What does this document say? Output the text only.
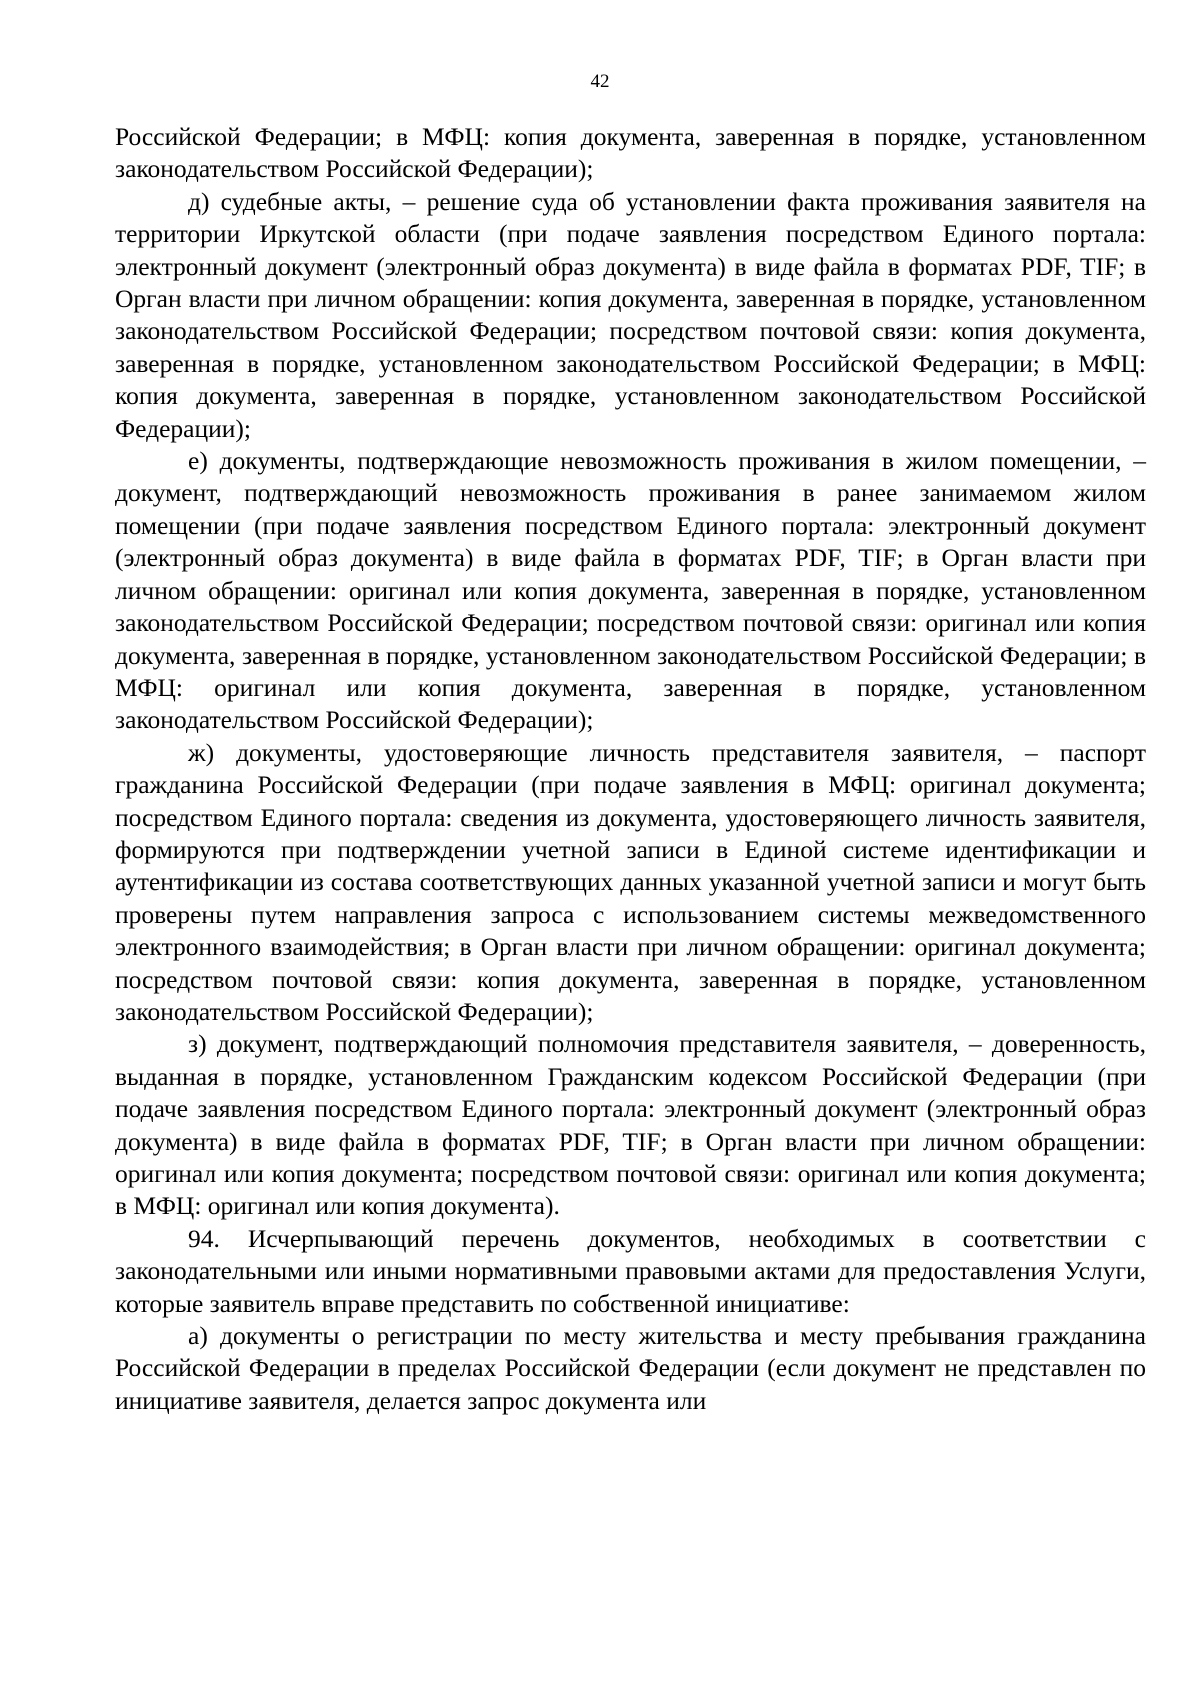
42

Российской Федерации; в МФЦ: копия документа, заверенная в порядке, установленном законодательством Российской Федерации);

д) судебные акты, – решение суда об установлении факта проживания заявителя на территории Иркутской области (при подаче заявления посредством Единого портала: электронный документ (электронный образ документа) в виде файла в форматах PDF, TIF; в Орган власти при личном обращении: копия документа, заверенная в порядке, установленном законодательством Российской Федерации; посредством почтовой связи: копия документа, заверенная в порядке, установленном законодательством Российской Федерации; в МФЦ: копия документа, заверенная в порядке, установленном законодательством Российской Федерации);

е) документы, подтверждающие невозможность проживания в жилом помещении, – документ, подтверждающий невозможность проживания в ранее занимаемом жилом помещении (при подаче заявления посредством Единого портала: электронный документ (электронный образ документа) в виде файла в форматах PDF, TIF; в Орган власти при личном обращении: оригинал или копия документа, заверенная в порядке, установленном законодательством Российской Федерации; посредством почтовой связи: оригинал или копия документа, заверенная в порядке, установленном законодательством Российской Федерации; в МФЦ: оригинал или копия документа, заверенная в порядке, установленном законодательством Российской Федерации);

ж) документы, удостоверяющие личность представителя заявителя, – паспорт гражданина Российской Федерации (при подаче заявления в МФЦ: оригинал документа; посредством Единого портала: сведения из документа, удостоверяющего личность заявителя, формируются при подтверждении учетной записи в Единой системе идентификации и аутентификации из состава соответствующих данных указанной учетной записи и могут быть проверены путем направления запроса с использованием системы межведомственного электронного взаимодействия; в Орган власти при личном обращении: оригинал документа; посредством почтовой связи: копия документа, заверенная в порядке, установленном законодательством Российской Федерации);

з) документ, подтверждающий полномочия представителя заявителя, – доверенность, выданная в порядке, установленном Гражданским кодексом Российской Федерации (при подаче заявления посредством Единого портала: электронный документ (электронный образ документа) в виде файла в форматах PDF, TIF; в Орган власти при личном обращении: оригинал или копия документа; посредством почтовой связи: оригинал или копия документа; в МФЦ: оригинал или копия документа).

94. Исчерпывающий перечень документов, необходимых в соответствии с законодательными или иными нормативными правовыми актами для предоставления Услуги, которые заявитель вправе представить по собственной инициативе:

а) документы о регистрации по месту жительства и месту пребывания гражданина Российской Федерации в пределах Российской Федерации (если документ не представлен по инициативе заявителя, делается запрос документа или
